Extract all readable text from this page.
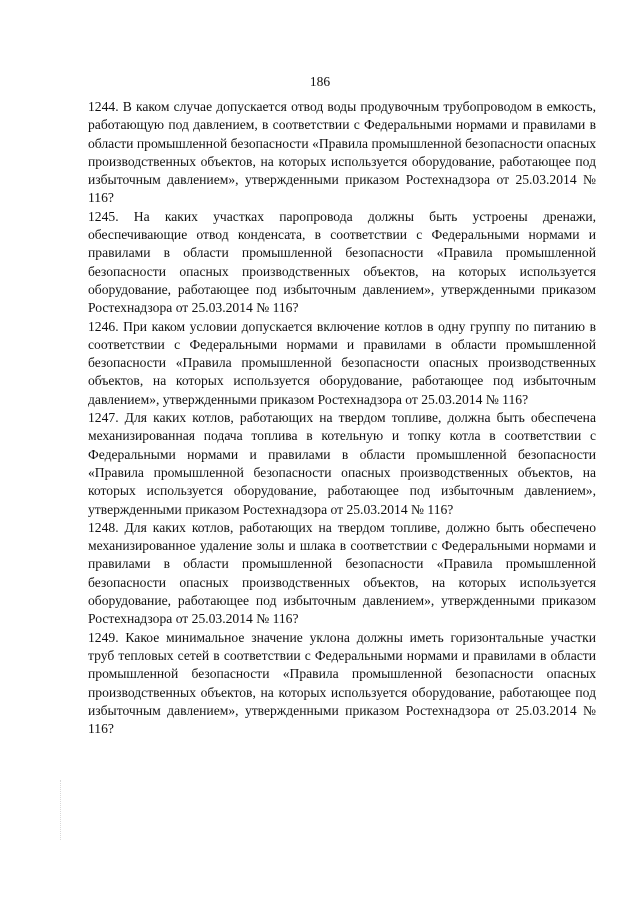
186

1244. В каком случае допускается отвод воды продувочным трубопроводом в емкость, работающую под давлением, в соответствии с Федеральными нормами и правилами в области промышленной безопасности «Правила промышленной безопасности опасных производственных объектов, на которых используется оборудование, работающее под избыточным давлением», утвержденными приказом Ростехнадзора от 25.03.2014 № 116?

1245. На каких участках паропровода должны быть устроены дренажи, обеспечивающие отвод конденсата, в соответствии с Федеральными нормами и правилами в области промышленной безопасности «Правила промышленной безопасности опасных производственных объектов, на которых используется оборудование, работающее под избыточным давлением», утвержденными приказом Ростехнадзора от 25.03.2014 № 116?

1246. При каком условии допускается включение котлов в одну группу по питанию в соответствии с Федеральными нормами и правилами в области промышленной безопасности «Правила промышленной безопасности опасных производственных объектов, на которых используется оборудование, работающее под избыточным давлением», утвержденными приказом Ростехнадзора от 25.03.2014 № 116?

1247. Для каких котлов, работающих на твердом топливе, должна быть обеспечена механизированная подача топлива в котельную и топку котла в соответствии с Федеральными нормами и правилами в области промышленной безопасности «Правила промышленной безопасности опасных производственных объектов, на которых используется оборудование, работающее под избыточным давлением», утвержденными приказом Ростехнадзора от 25.03.2014 № 116?

1248. Для каких котлов, работающих на твердом топливе, должно быть обеспечено механизированное удаление золы и шлака в соответствии с Федеральными нормами и правилами в области промышленной безопасности «Правила промышленной безопасности опасных производственных объектов, на которых используется оборудование, работающее под избыточным давлением», утвержденными приказом Ростехнадзора от 25.03.2014 № 116?

1249. Какое минимальное значение уклона должны иметь горизонтальные участки труб тепловых сетей в соответствии с Федеральными нормами и правилами в области промышленной безопасности «Правила промышленной безопасности опасных производственных объектов, на которых используется оборудование, работающее под избыточным давлением», утвержденными приказом Ростехнадзора от 25.03.2014 № 116?
